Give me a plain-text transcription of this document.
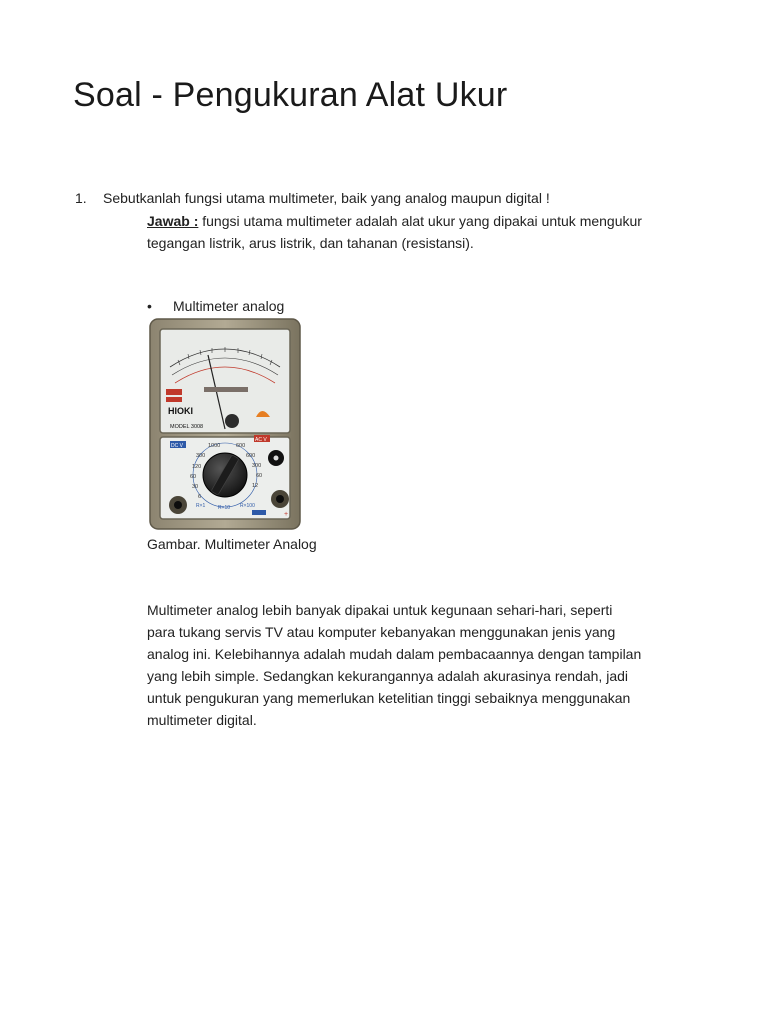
Soal - Pengukuran Alat Ukur
1. Sebutkanlah fungsi utama multimeter, baik yang analog maupun digital !

Jawab : fungsi utama multimeter adalah alat ukur yang dipakai untuk mengukur
tegangan listrik, arus listrik, dan tahanan (resistansi).

• Multimeter analog
HIOKI
MODEL 3008
DC V
AC V
1000	600
300
120
60
30
6
600
300
60
12
R×1	R×10 R×100
+
Gambar. Multimeter Analog
Multimeter analog lebih banyak dipakai untuk kegunaan sehari-hari, seperti
para tukang servis TV atau komputer kebanyakan menggunakan jenis yang
analog ini. Kelebihannya adalah mudah dalam pembacaannya dengan tampilan
yang lebih simple. Sedangkan kekurangannya adalah akurasinya rendah, jadi
untuk pengukuran yang memerlukan ketelitian tinggi sebaiknya menggunakan
multimeter digital.
